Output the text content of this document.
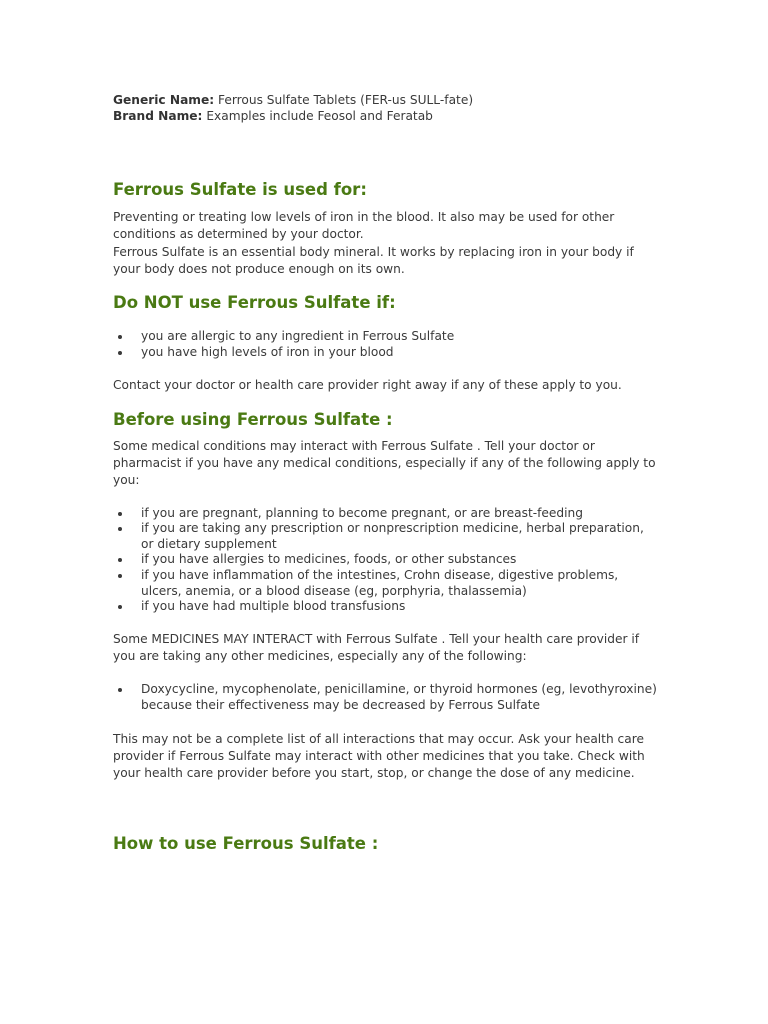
Generic Name: Ferrous Sulfate Tablets (FER-us SULL-fate)

Brand Name: Examples include Feosol and Feratab

Ferrous Sulfate is used for:

Preventing or treating low levels of iron in the blood. It also may be used for other conditions as determined by your doctor.
Ferrous Sulfate is an essential body mineral. It works by replacing iron in your body if your body does not produce enough on its own.

Do NOT use Ferrous Sulfate if:
you are allergic to any ingredient in Ferrous Sulfate
you have high levels of iron in your blood

Contact your doctor or health care provider right away if any of these apply to you.

Before using Ferrous Sulfate :

Some medical conditions may interact with Ferrous Sulfate . Tell your doctor or pharmacist if you have any medical conditions, especially if any of the following apply to you:

if you are pregnant, planning to become pregnant, or are breast-feeding
if you are taking any prescription or nonprescription medicine, herbal preparation, or dietary supplement
if you have allergies to medicines, foods, or other substances
if you have inflammation of the intestines, Crohn disease, digestive problems, ulcers, anemia, or a blood disease (eg, porphyria, thalassemia)
if you have had multiple blood transfusions

Some MEDICINES MAY INTERACT with Ferrous Sulfate . Tell your health care provider if you are taking any other medicines, especially any of the following:

Doxycycline, mycophenolate, penicillamine, or thyroid hormones (eg, levothyroxine) because their effectiveness may be decreased by Ferrous Sulfate

This may not be a complete list of all interactions that may occur. Ask your health care provider if Ferrous Sulfate may interact with other medicines that you take. Check with your health care provider before you start, stop, or change the dose of any medicine.

How to use Ferrous Sulfate :
